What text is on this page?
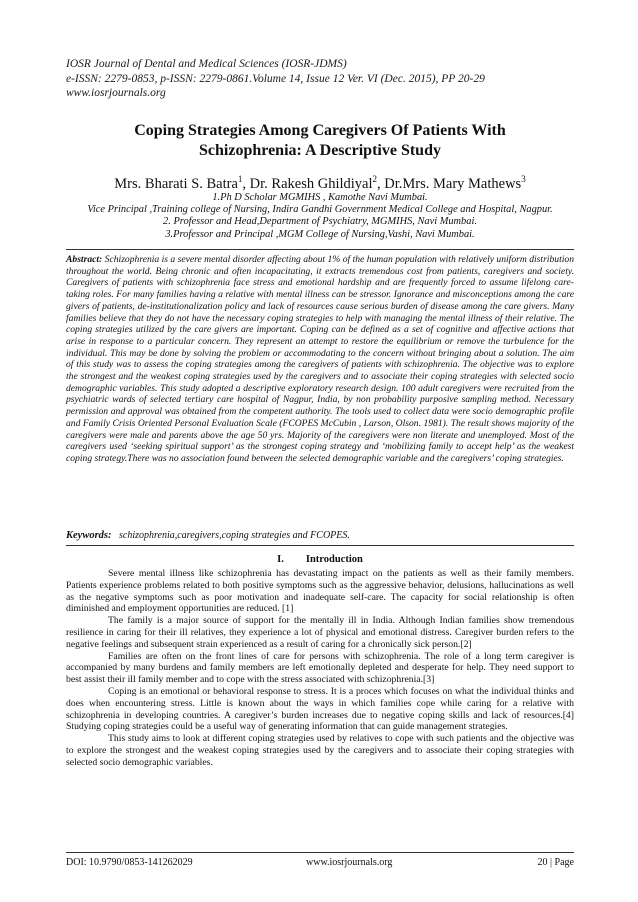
IOSR Journal of Dental and Medical Sciences (IOSR-JDMS)
e-ISSN: 2279-0853, p-ISSN: 2279-0861.Volume 14, Issue 12 Ver. VI (Dec. 2015), PP 20-29
www.iosrjournals.org
Coping Strategies Among Caregivers Of Patients With
Schizophrenia: A Descriptive Study
Mrs. Bharati S. Batra$^1$, Dr. Rakesh Ghildiyal$^2$, Dr.Mrs. Mary Mathews$^3$
1.Ph D Scholar MGMIHS , Kamothe Navi Mumbai.
Vice Principal ,Training college of Nursing, Indira Gandhi Government Medical College and Hospital, Nagpur.
2. Professor and Head,Department of Psychiatry, MGMIHS, Navi Mumbai.
3.Professor and Principal ,MGM College of Nursing,Vashi, Navi Mumbai.
Abstract: Schizophrenia is a severe mental disorder affecting about 1% of the human population with relatively uniform distribution throughout the world. Being chronic and often incapacitating, it extracts tremendous cost from patients, caregivers and society. Caregivers of patients with schizophrenia face stress and emotional hardship and are frequently forced to assume lifelong care-taking roles. For many families having a relative with mental illness can be stressor. Ignorance and misconceptions among the care givers of patients, de-institutionalization policy and lack of resources cause serious burden of disease among the care givers. Many families believe that they do not have the necessary coping strategies to help with managing the mental illness of their relative. The coping strategies utilized by the care givers are important. Coping can be defined as a set of cognitive and affective actions that arise in response to a particular concern. They represent an attempt to restore the equilibrium or remove the turbulence for the individual. This may be done by solving the problem or accommodating to the concern without bringing about a solution. The aim of this study was to assess the coping strategies among the caregivers of patients with schizophrenia. The objective was to explore the strongest and the weakest coping strategies used by the caregivers and to associate their coping strategies with selected socio demographic variables. This study adopted a descriptive exploratory research design. 100 adult caregivers were recruited from the psychiatric wards of selected tertiary care hospital of Nagpur, India, by non probability purposive sampling method. Necessary permission and approval was obtained from the competent authority. The tools used to collect data were socio demographic profile and Family Crisis Oriented Personal Evaluation Scale (FCOPES McCubin , Larson, Olson. 1981). The result shows majority of the caregivers were male and parents above the age 50 yrs. Majority of the caregivers were non literate and unemployed. Most of the caregivers used ‘seeking spiritual support’ as the strongest coping strategy and ‘mobilizing family to accept help’ as the weakest coping strategy.There was no association found between the selected demographic variable and the caregivers’ coping strategies.
Keywords: schizophrenia,caregivers,coping strategies and FCOPES.
I. Introduction

Severe mental illness like schizophrenia has devastating impact on the patients as well as their family members. Patients experience problems related to both positive symptoms such as the aggressive behavior, delusions, hallucinations as well as the negative symptoms such as poor motivation and inadequate self-care. The capacity for social relationship is often diminished and employment opportunities are reduced. [1]

The family is a major source of support for the mentally ill in India. Although Indian families show tremendous resilience in caring for their ill relatives, they experience a lot of physical and emotional distress. Caregiver burden refers to the negative feelings and subsequent strain experienced as a result of caring for a chronically sick person.[2]

Families are often on the front lines of care for persons with schizophrenia. The role of a long term caregiver is accompanied by many burdens and family members are left emotionally depleted and desperate for help. They need support to best assist their ill family member and to cope with the stress associated with schizophrenia.[3]

Coping is an emotional or behavioral response to stress. It is a proces which focuses on what the individual thinks and does when encountering stress. Little is known about the ways in which families cope while caring for a relative with schizophrenia in developing countries. A caregiver’s burden increases due to negative coping skills and lack of resources.[4] Studying coping strategies could be a useful way of generating information that can guide management strategies.

This study aims to look at different coping strategies used by relatives to cope with such patients and the objective was to explore the strongest and the weakest coping strategies used by the caregivers and to associate their coping strategies with selected socio demographic variables.

DOI: 10.9790/0853-141262029	www.iosrjournals.org	20 | Page
